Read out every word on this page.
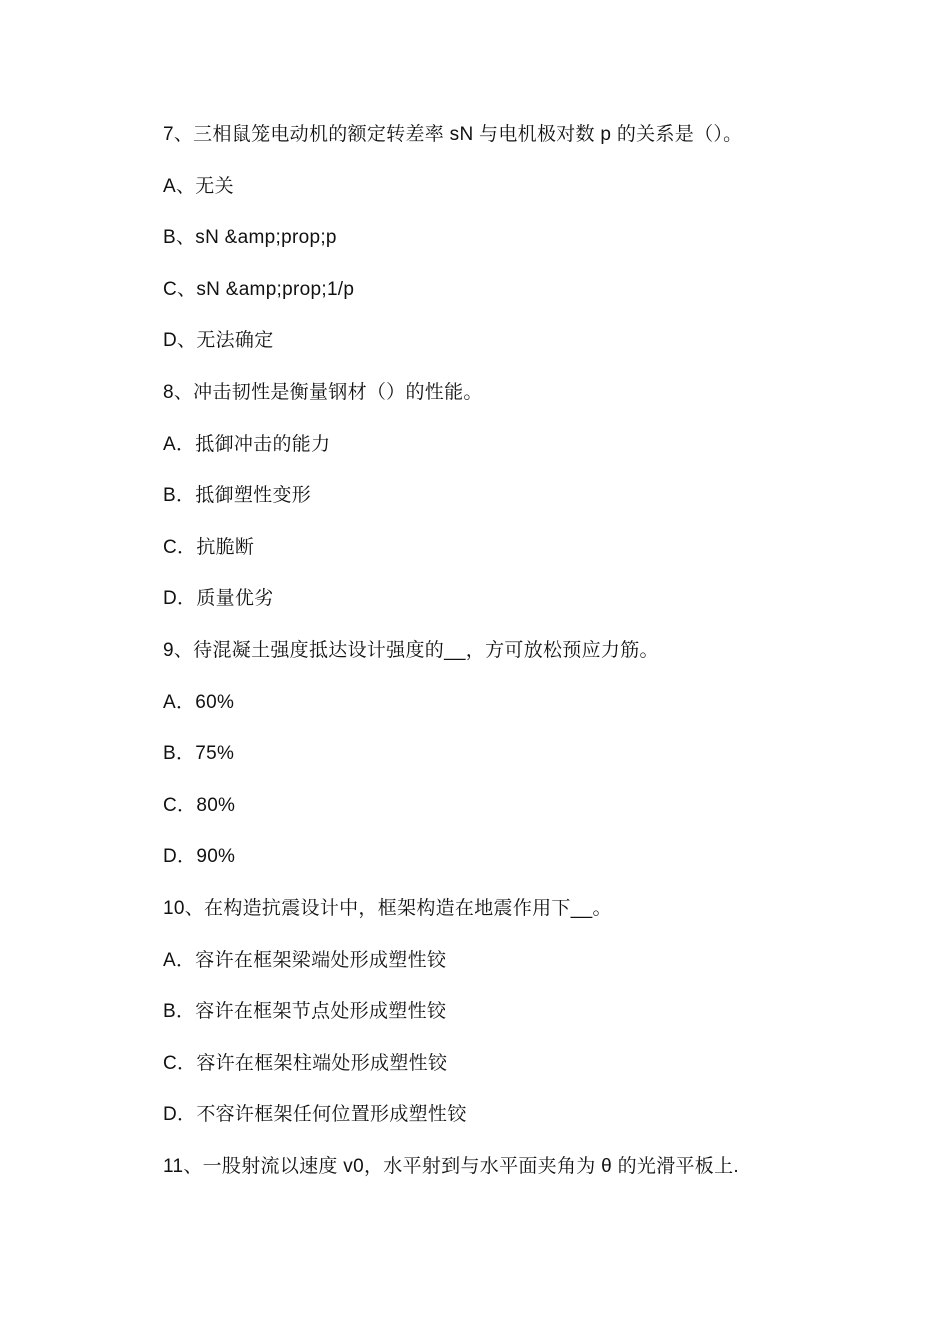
7、三相鼠笼电动机的额定转差率 sN 与电机极对数 p 的关系是（）。
A、无关
B、sN &amp;prop;p
C、sN &amp;prop;1/p
D、无法确定
8、冲击韧性是衡量钢材（）的性能。
A．抵御冲击的能力
B．抵御塑性变形
C．抗脆断
D．质量优劣
9、待混凝土强度抵达设计强度的__，方可放松预应力筋。
A．60%
B．75%
C．80%
D．90%
10、在构造抗震设计中，框架构造在地震作用下__。
A．容许在框架梁端处形成塑性铰
B．容许在框架节点处形成塑性铰
C．容许在框架柱端处形成塑性铰
D．不容许框架任何位置形成塑性铰
11、一股射流以速度 v0，水平射到与水平面夹角为 θ 的光滑平板上.
